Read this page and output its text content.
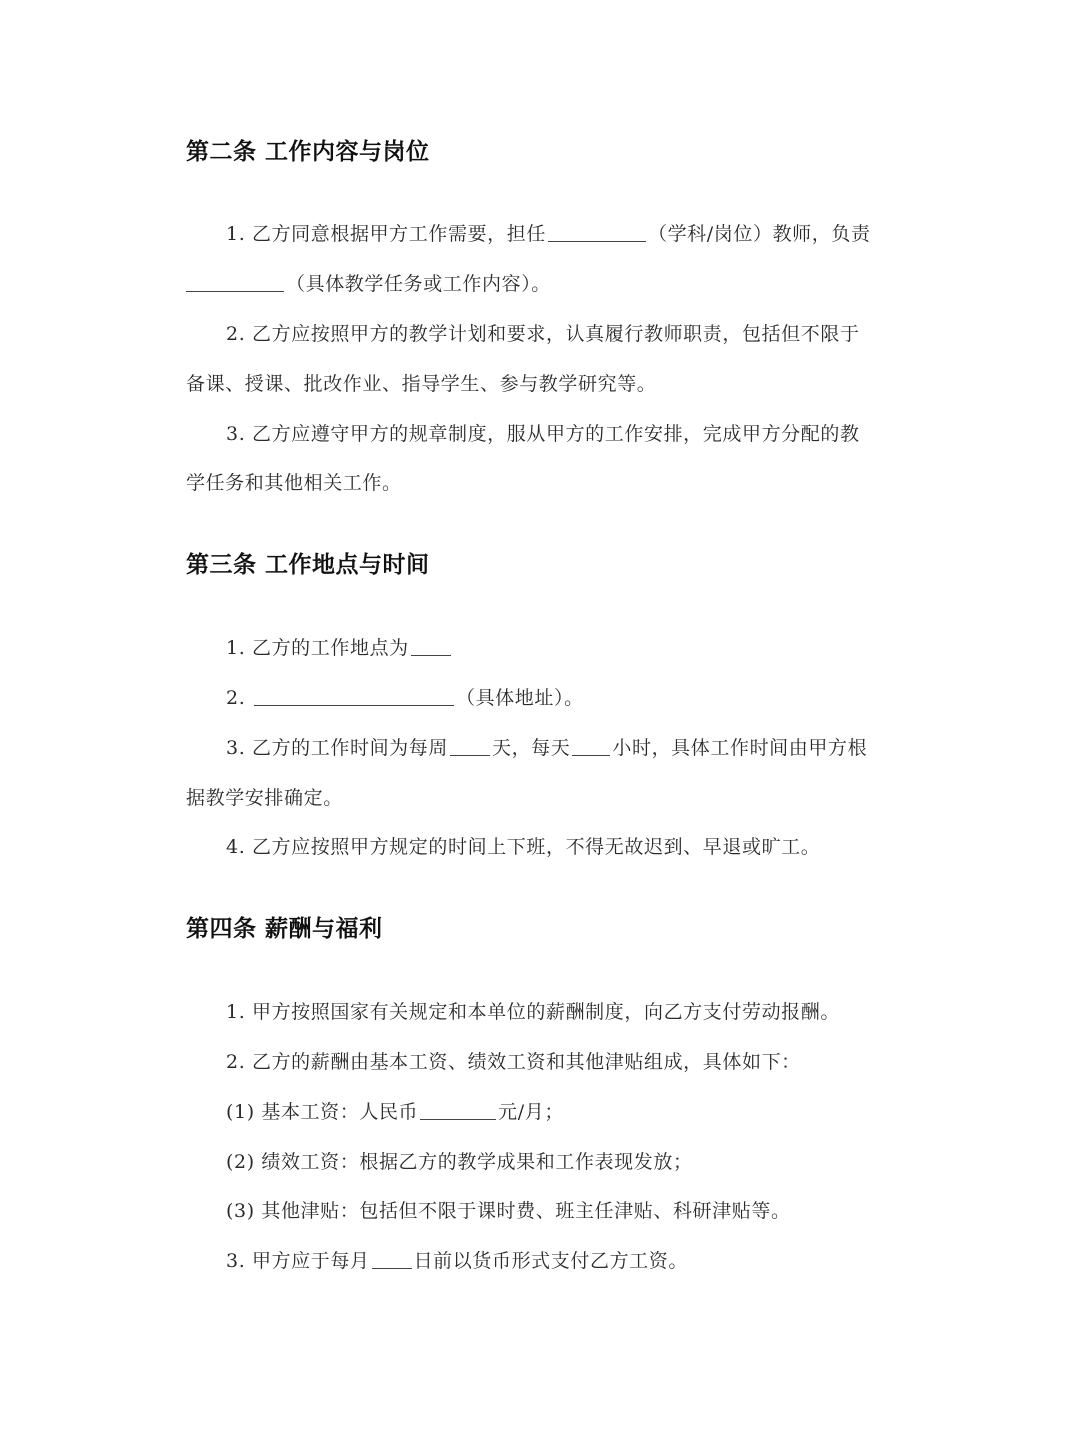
第二条 工作内容与岗位
1. 乙方同意根据甲方工作需要，担任	（学科/岗位）教师，负责
（具体教学任务或工作内容）。
2. 乙方应按照甲方的教学计划和要求，认真履行教师职责，包括但不限于
备课、授课、批改作业、指导学生、参与教学研究等。
3. 乙方应遵守甲方的规章制度，服从甲方的工作安排，完成甲方分配的教
学任务和其他相关工作。
第三条 工作地点与时间
1. 乙方的工作地点为
2.	（具体地址）。
3. 乙方的工作时间为每周 天，每天 小时，具体工作时间由甲方根
据教学安排确定。
4. 乙方应按照甲方规定的时间上下班，不得无故迟到、早退或旷工。
第四条 薪酬与福利
1. 甲方按照国家有关规定和本单位的薪酬制度，向乙方支付劳动报酬。
2. 乙方的薪酬由基本工资、绩效工资和其他津贴组成，具体如下：
(1) 基本工资：人民币	元/月；
(2) 绩效工资：根据乙方的教学成果和工作表现发放；
(3) 其他津贴：包括但不限于课时费、班主任津贴、科研津贴等。
3. 甲方应于每月 日前以货币形式支付乙方工资。
